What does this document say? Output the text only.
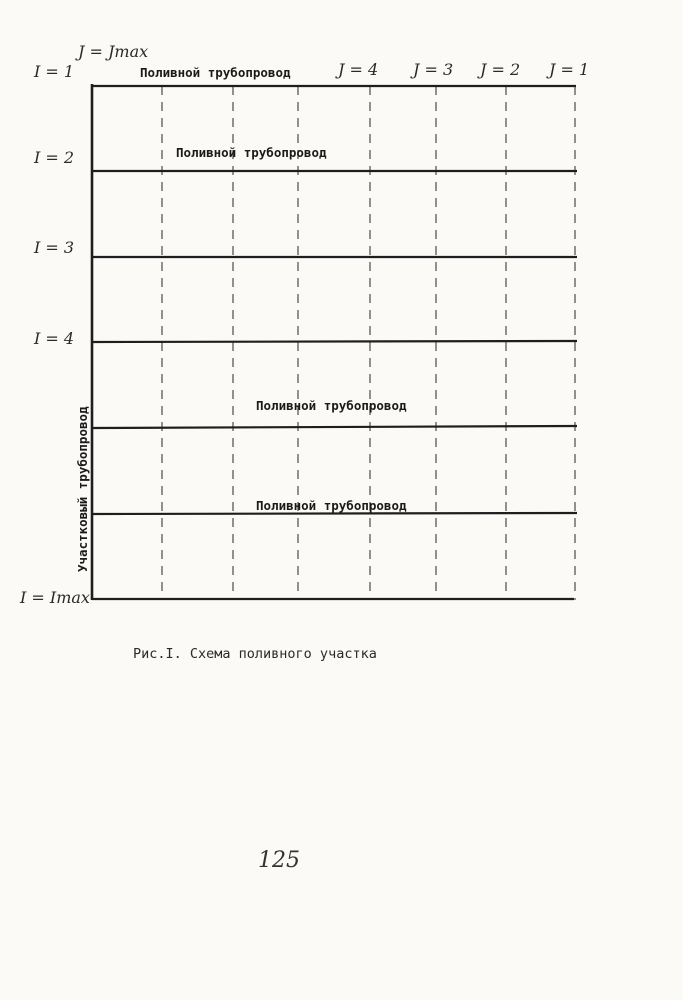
I = 1
I = 2
I = 3
I = 4
I = Imax
J = Jmax
J = 4 J = 3 J = 2 J = 1
Поливной трубопровод
Поливной трубопровод
Поливной трубопровод
Поливной трубопровод
Участковый трубопровод
Рис.I. Схема поливного участка
125
